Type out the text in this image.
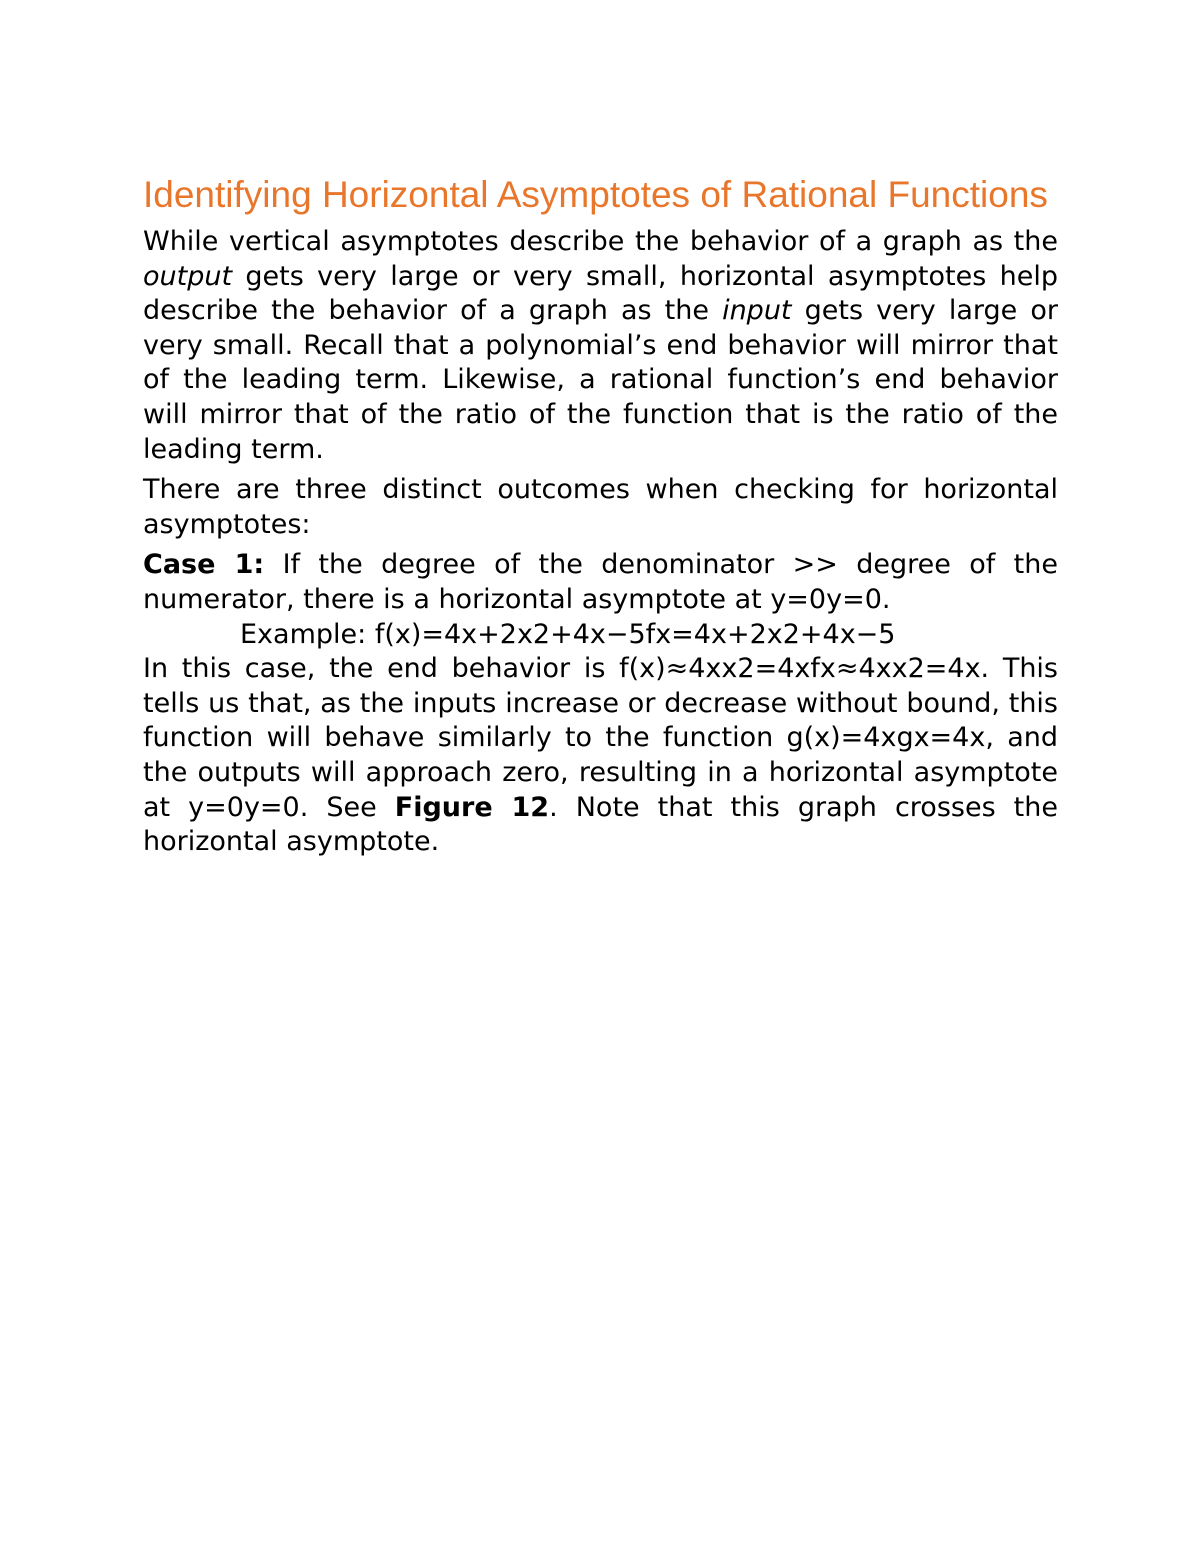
Identifying Horizontal Asymptotes of Rational Functions

While vertical asymptotes describe the behavior of a graph as the output gets very large or very small, horizontal asymptotes help describe the behavior of a graph as the input gets very large or very small. Recall that a polynomial’s end behavior will mirror that of the leading term. Likewise, a rational function’s end behavior will mirror that of the ratio of the function that is the ratio of the leading term.

There are three distinct outcomes when checking for horizontal asymptotes:

Case 1: If the degree of the denominator >> degree of the numerator, there is a horizontal asymptote at y=0y=0.

Example: f(x)=4x+2x2+4x−5fx=4x+2x2+4x−5

In this case, the end behavior is f(x)≈4xx2=4xfx≈4xx2=4x. This tells us that, as the inputs increase or decrease without bound, this function will behave similarly to the function g(x)=4xgx=4x, and the outputs will approach zero, resulting in a horizontal asymptote at y=0y=0. See Figure 12. Note that this graph crosses the horizontal asymptote.
